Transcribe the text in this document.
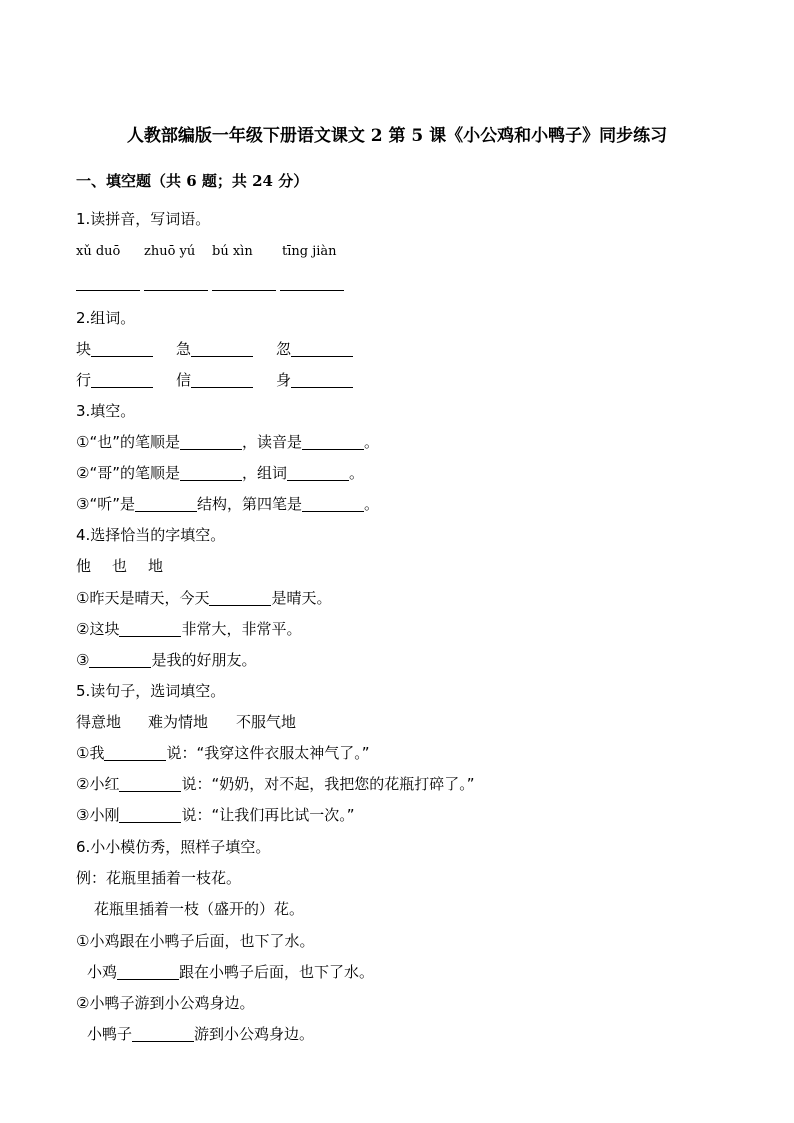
人教部编版一年级下册语文课文 2 第 5 课《小公鸡和小鸭子》同步练习
一、填空题（共 6 题；共 24 分）
1.读拼音，写词语。
xǔ duō zhuō yú bú xìn tīng jiàn
2.组词。
块	急	忽
行	信	身
3.填空。
①“也”的笔顺是	，读音是	。
②“哥”的笔顺是	，组词	。
③“听”是	结构，第四笔是	。
4.选择恰当的字填空。
他 也 地
①昨天是晴天，今天	是晴天。
②这块	非常大，非常平。
③	是我的好朋友。
5.读句子，选词填空。
得意地 难为情地 不服气地
①我	说：“我穿这件衣服太神气了。”
②小红	说：“奶奶，对不起，我把您的花瓶打碎了。”
③小刚	说：“让我们再比试一次。”
6.小小模仿秀，照样子填空。
例：花瓶里插着一枝花。
花瓶里插着一枝（盛开的）花。
①小鸡跟在小鸭子后面，也下了水。
小鸡	跟在小鸭子后面，也下了水。
②小鸭子游到小公鸡身边。
小鸭子	游到小公鸡身边。
